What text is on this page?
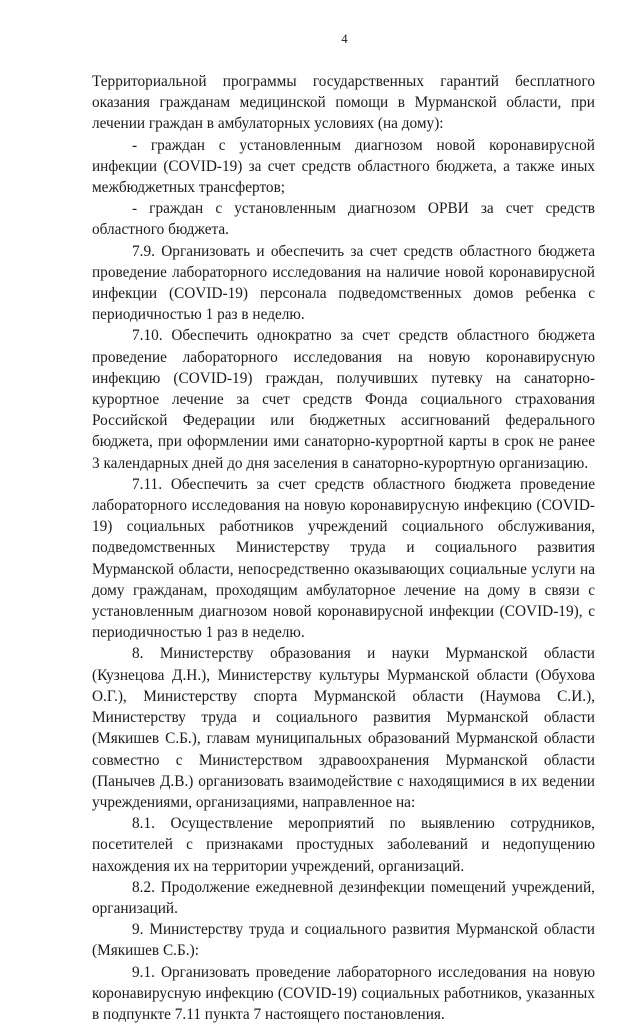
4

Территориальной программы государственных гарантий бесплатного оказания гражданам медицинской помощи в Мурманской области, при лечении граждан в амбулаторных условиях (на дому):

- граждан с установленным диагнозом новой коронавирусной инфекции (COVID-19) за счет средств областного бюджета, а также иных межбюджетных трансфертов;

- граждан с установленным диагнозом ОРВИ за счет средств областного бюджета.

7.9. Организовать и обеспечить за счет средств областного бюджета проведение лабораторного исследования на наличие новой коронавирусной инфекции (COVID-19) персонала подведомственных домов ребенка с периодичностью 1 раз в неделю.

7.10. Обеспечить однократно за счет средств областного бюджета проведение лабораторного исследования на новую коронавирусную инфекцию (COVID-19) граждан, получивших путевку на санаторно-курортное лечение за счет средств Фонда социального страхования Российской Федерации или бюджетных ассигнований федерального бюджета, при оформлении ими санаторно-курортной карты в срок не ранее 3 календарных дней до дня заселения в санаторно-курортную организацию.

7.11. Обеспечить за счет средств областного бюджета проведение лабораторного исследования на новую коронавирусную инфекцию (COVID-19) социальных работников учреждений социального обслуживания, подведомственных Министерству труда и социального развития Мурманской области, непосредственно оказывающих социальные услуги на дому гражданам, проходящим амбулаторное лечение на дому в связи с установленным диагнозом новой коронавирусной инфекции (COVID-19), с периодичностью 1 раз в неделю.

8. Министерству образования и науки Мурманской области (Кузнецова Д.Н.), Министерству культуры Мурманской области (Обухова О.Г.), Министерству спорта Мурманской области (Наумова С.И.), Министерству труда и социального развития Мурманской области (Мякишев С.Б.), главам муниципальных образований Мурманской области совместно с Министерством здравоохранения Мурманской области (Панычев Д.В.) организовать взаимодействие с находящимися в их ведении учреждениями, организациями, направленное на:

8.1. Осуществление мероприятий по выявлению сотрудников, посетителей с признаками простудных заболеваний и недопущению нахождения их на территории учреждений, организаций.

8.2. Продолжение ежедневной дезинфекции помещений учреждений, организаций.

9. Министерству труда и социального развития Мурманской области (Мякишев С.Б.):

9.1. Организовать проведение лабораторного исследования на новую коронавирусную инфекцию (COVID-19) социальных работников, указанных в подпункте 7.11 пункта 7 настоящего постановления.
